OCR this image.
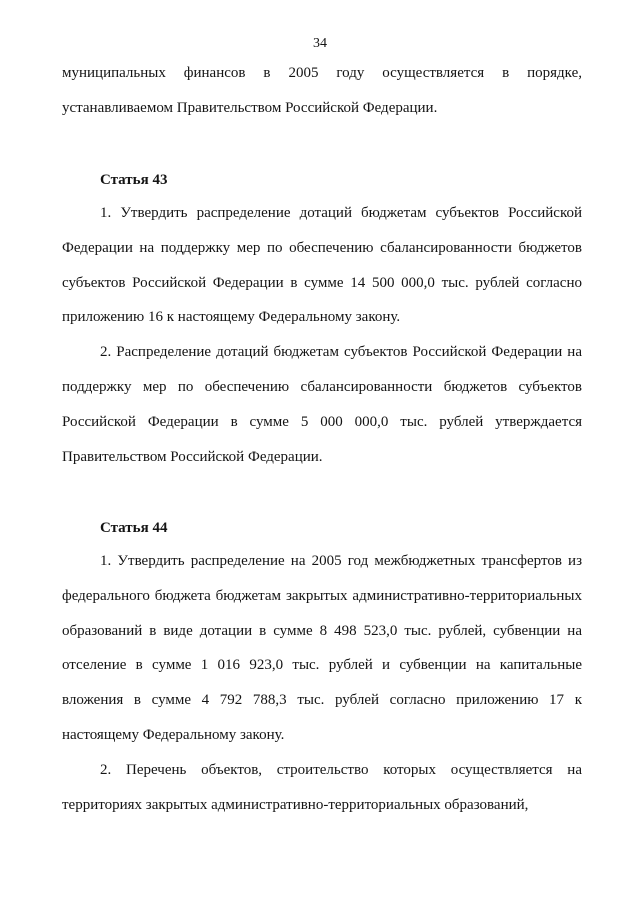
34

муниципальных финансов в 2005 году осуществляется в порядке, устанавливаемом Правительством Российской Федерации.

Статья 43

1. Утвердить распределение дотаций бюджетам субъектов Российской Федерации на поддержку мер по обеспечению сбалансированности бюджетов субъектов Российской Федерации в сумме 14 500 000,0 тыс. рублей согласно приложению 16 к настоящему Федеральному закону.

2. Распределение дотаций бюджетам субъектов Российской Федерации на поддержку мер по обеспечению сбалансированности бюджетов субъектов Российской Федерации в сумме 5 000 000,0 тыс. рублей утверждается Правительством Российской Федерации.

Статья 44

1. Утвердить распределение на 2005 год межбюджетных трансфертов из федерального бюджета бюджетам закрытых административно-территориальных образований в виде дотации в сумме 8 498 523,0 тыс. рублей, субвенции на отселение в сумме 1 016 923,0 тыс. рублей и субвенции на капитальные вложения в сумме 4 792 788,3 тыс. рублей согласно приложению 17 к настоящему Федеральному закону.

2. Перечень объектов, строительство которых осуществляется на территориях закрытых административно-территориальных образований,
